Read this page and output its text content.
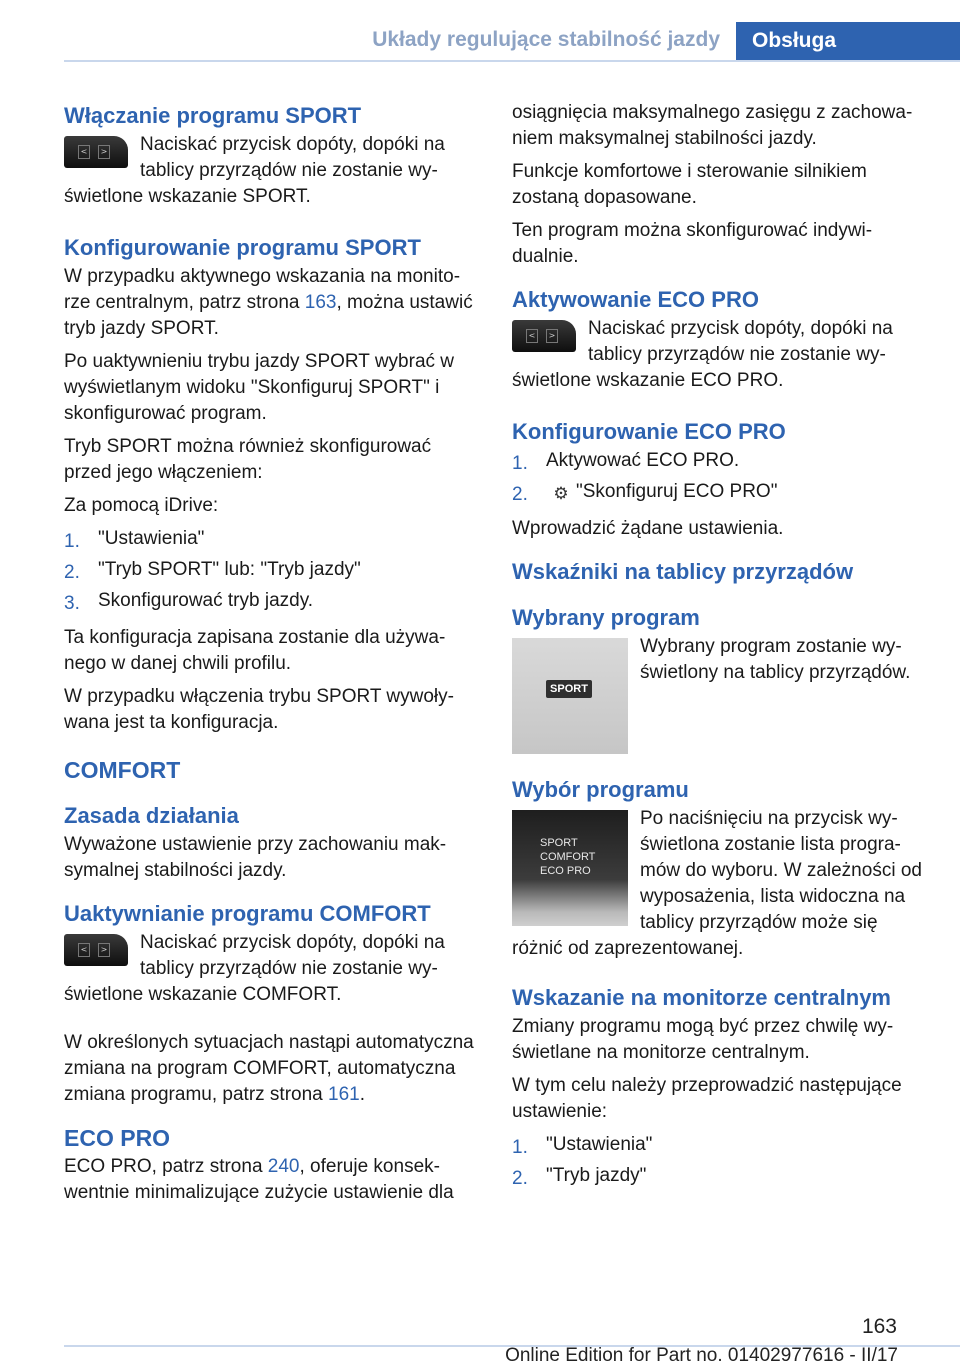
Układy regulujące stabilność jazdy	Obsługa
Włączanie programu SPORT
<	>	Naciskać przycisk dopóty, dopóki na tablicy przyrządów nie zostanie wyświetlone wskazanie SPORT.

Konfigurowanie programu SPORT

W przypadku aktywnego wskazania na monitorze centralnym, patrz strona 163, można ustawić tryb jazdy SPORT.

Po uaktywnieniu trybu jazdy SPORT wybrać w wyświetlanym widoku "Skonfiguruj SPORT" i skonfigurować program.

Tryb SPORT można również skonfigurować przed jego włączeniem:

Za pomocą iDrive:

1. "Ustawienia"
2. "Tryb SPORT" lub: "Tryb jazdy"
3. Skonfigurować tryb jazdy.

Ta konfiguracja zapisana zostanie dla używanego w danej chwili profilu.

W przypadku włączenia trybu SPORT wywoływana jest ta konfiguracja.

COMFORT
Zasada działania

Wyważone ustawienie przy zachowaniu maksymalnej stabilności jazdy.

Uaktywnianie programu COMFORT
<	>	Naciskać przycisk dopóty, dopóki na tablicy przyrządów nie zostanie wyświetlone wskazanie COMFORT.

W określonych sytuacjach nastąpi automatyczna zmiana na program COMFORT, automatyczna zmiana programu, patrz strona 161.

ECO PRO

ECO PRO, patrz strona 240, oferuje konsekwentnie minimalizujące zużycie ustawienie dla

osiągnięcia maksymalnego zasięgu z zachowaniem maksymalnej stabilności jazdy.

Funkcje komfortowe i sterowanie silnikiem zostaną dopasowane.

Ten program można skonfigurować indywidualnie.

Aktywowanie ECO PRO
<	>	Naciskać przycisk dopóty, dopóki na tablicy przyrządów nie zostanie wyświetlone wskazanie ECO PRO.

Konfigurowanie ECO PRO
1. Aktywować ECO PRO.
2.	⚙ "Skonfiguruj ECO PRO"

Wprowadzić żądane ustawienia.

Wskaźniki na tablicy przyrządów
Wybrany program
SPORT

Wybrany program zostanie wyświetlony na tablicy przyrządów.

Wybór programu
SPORT
COMFORT
ECO PRO

Po naciśnięciu na przycisk wyświetlona zostanie lista programów do wyboru. W zależności od wyposażenia, lista widoczna na tablicy przyrządów może się różnić od zaprezentowanej.

Wskazanie na monitorze centralnym

Zmiany programu mogą być przez chwilę wyświetlane na monitorze centralnym.

W tym celu należy przeprowadzić następujące ustawienie:

1. "Ustawienia"
2. "Tryb jazdy"
163
Online Edition for Part no. 01402977616 - II/17
